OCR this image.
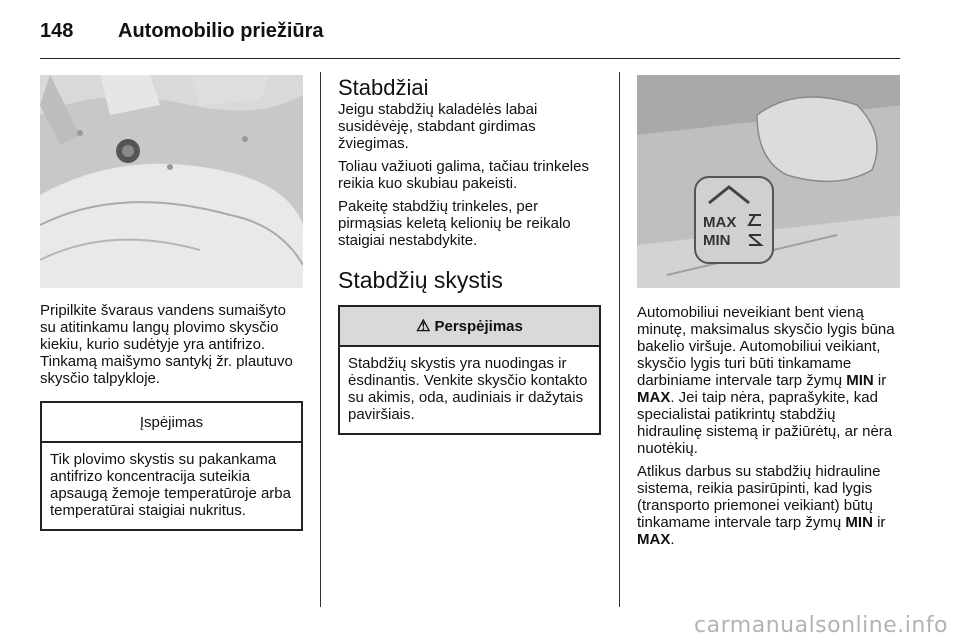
148 Automobilio priežiūra

Pripilkite švaraus vandens sumaišyto su atitinkamu langų plovimo skysčio kiekiu, kurio sudėtyje yra antifrizo. Tinkamą maišymo santykį žr. plautuvo skysčio talpykloje.

Įspėjimas
Tik plovimo skystis su pakankama antifrizo koncentracija suteikia apsaugą žemoje temperatūroje arba temperatūrai staigiai nukritus.
Stabdžiai

Jeigu stabdžių kaladėlės labai susidėvėję, stabdant girdimas žviegimas.

Toliau važiuoti galima, tačiau trinkeles reikia kuo skubiau pakeisti.

Pakeitę stabdžių trinkeles, per pirmąsias keletą kelionių be reikalo staigiai nestabdykite.

Stabdžių skystis
⚠ Perspėjimas
Stabdžių skystis yra nuodingas ir ėsdinantis. Venkite skysčio kontakto su akimis, oda, audiniais ir dažytais paviršiais.
MAX
MIN

Automobiliui neveikiant bent vieną minutę, maksimalus skysčio lygis būna bakelio viršuje. Automobiliui veikiant, skysčio lygis turi būti tinkamame darbiniame intervale tarp žymų MIN ir MAX. Jei taip nėra, paprašykite, kad specialistai patikrintų stabdžių hidraulinę sistemą ir pažiūrėtų, ar nėra nuotėkių.

Atlikus darbus su stabdžių hidrauline sistema, reikia pasirūpinti, kad lygis (transporto priemonei veikiant) būtų tinkamame intervale tarp žymų MIN ir MAX.

carmanualsonline.info
